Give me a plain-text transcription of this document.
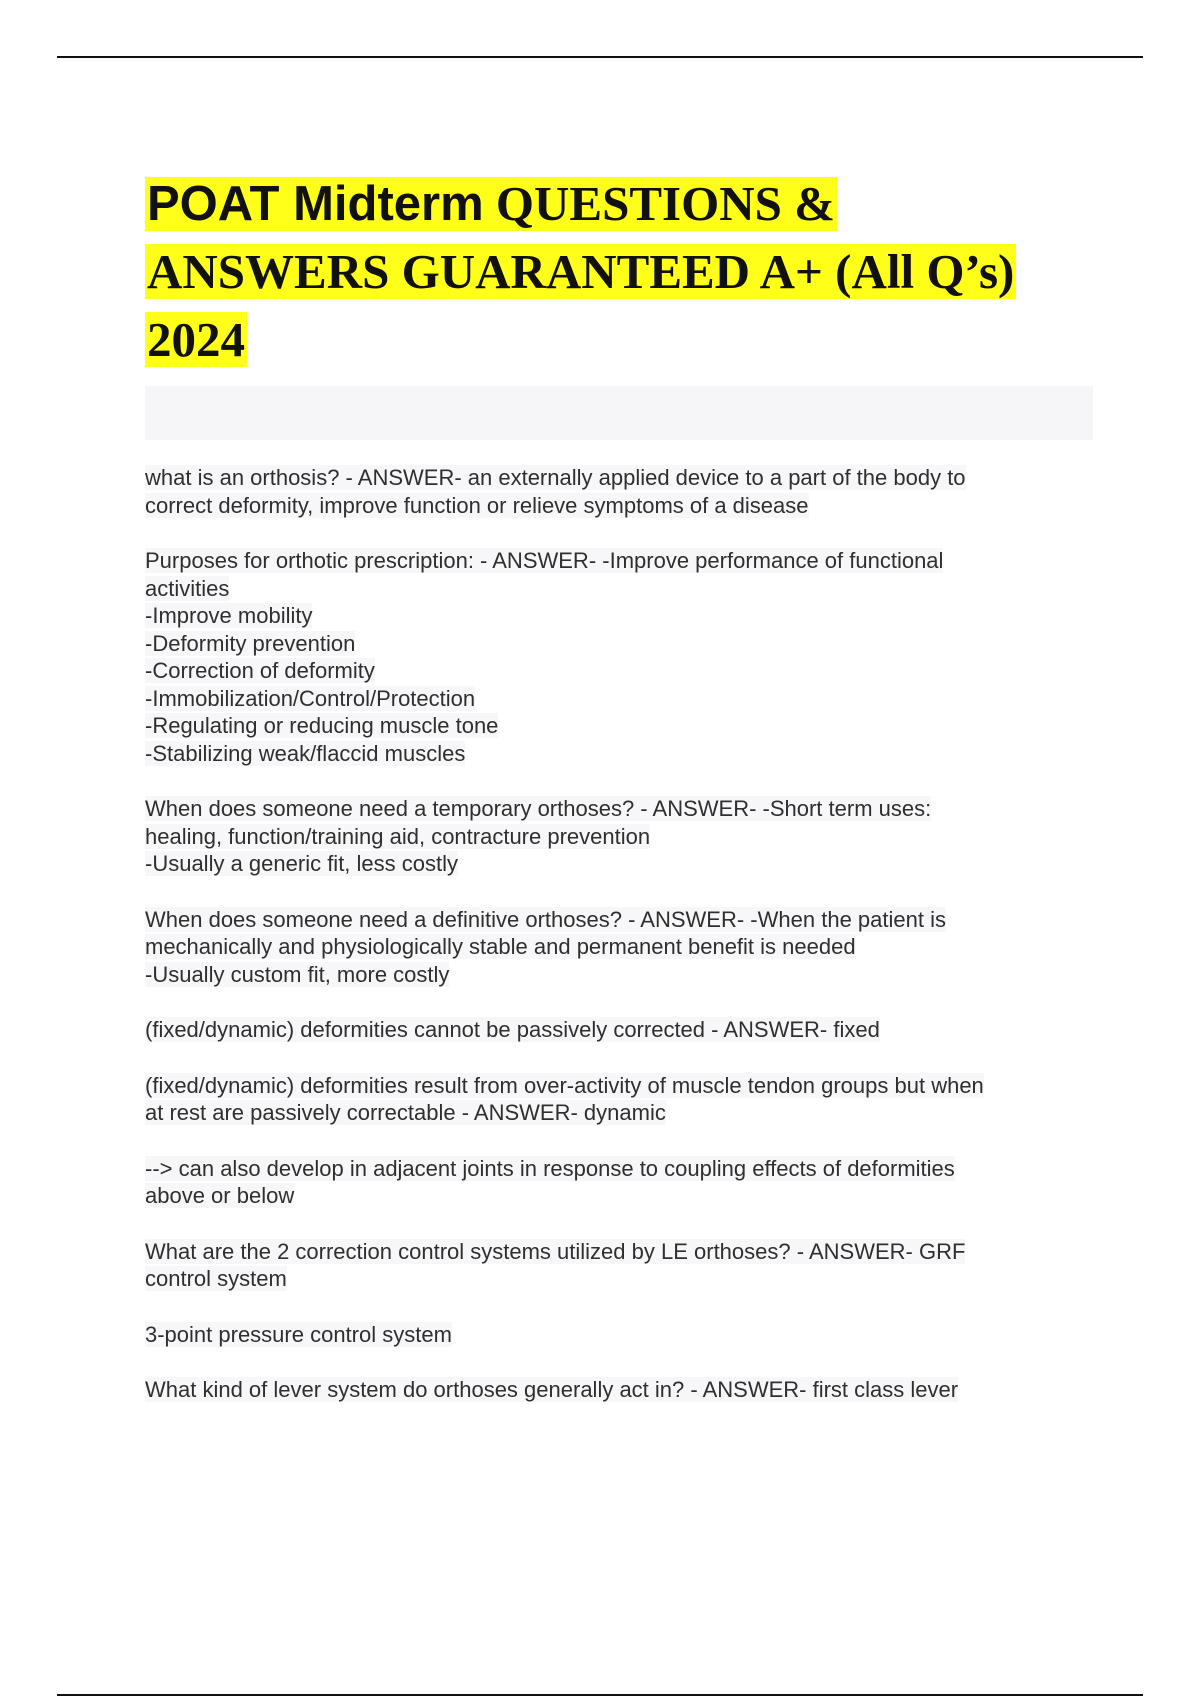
POAT Midterm QUESTIONS &
ANSWERS GUARANTEED A+ (All Q’s)
2024
what is an orthosis? - ANSWER- an externally applied device to a part of the body to
correct deformity, improve function or relieve symptoms of a disease
Purposes for orthotic prescription: - ANSWER- -Improve performance of functional
activities
-Improve mobility
-Deformity prevention
-Correction of deformity
-Immobilization/Control/Protection
-Regulating or reducing muscle tone
-Stabilizing weak/flaccid muscles
When does someone need a temporary orthoses? - ANSWER- -Short term uses:
healing, function/training aid, contracture prevention
-Usually a generic fit, less costly
When does someone need a definitive orthoses? - ANSWER- -When the patient is
mechanically and physiologically stable and permanent benefit is needed
-Usually custom fit, more costly
(fixed/dynamic) deformities cannot be passively corrected - ANSWER- fixed
(fixed/dynamic) deformities result from over-activity of muscle tendon groups but when
at rest are passively correctable - ANSWER- dynamic
--> can also develop in adjacent joints in response to coupling effects of deformities
above or below
What are the 2 correction control systems utilized by LE orthoses? - ANSWER- GRF
control system
3-point pressure control system
What kind of lever system do orthoses generally act in? - ANSWER- first class lever
